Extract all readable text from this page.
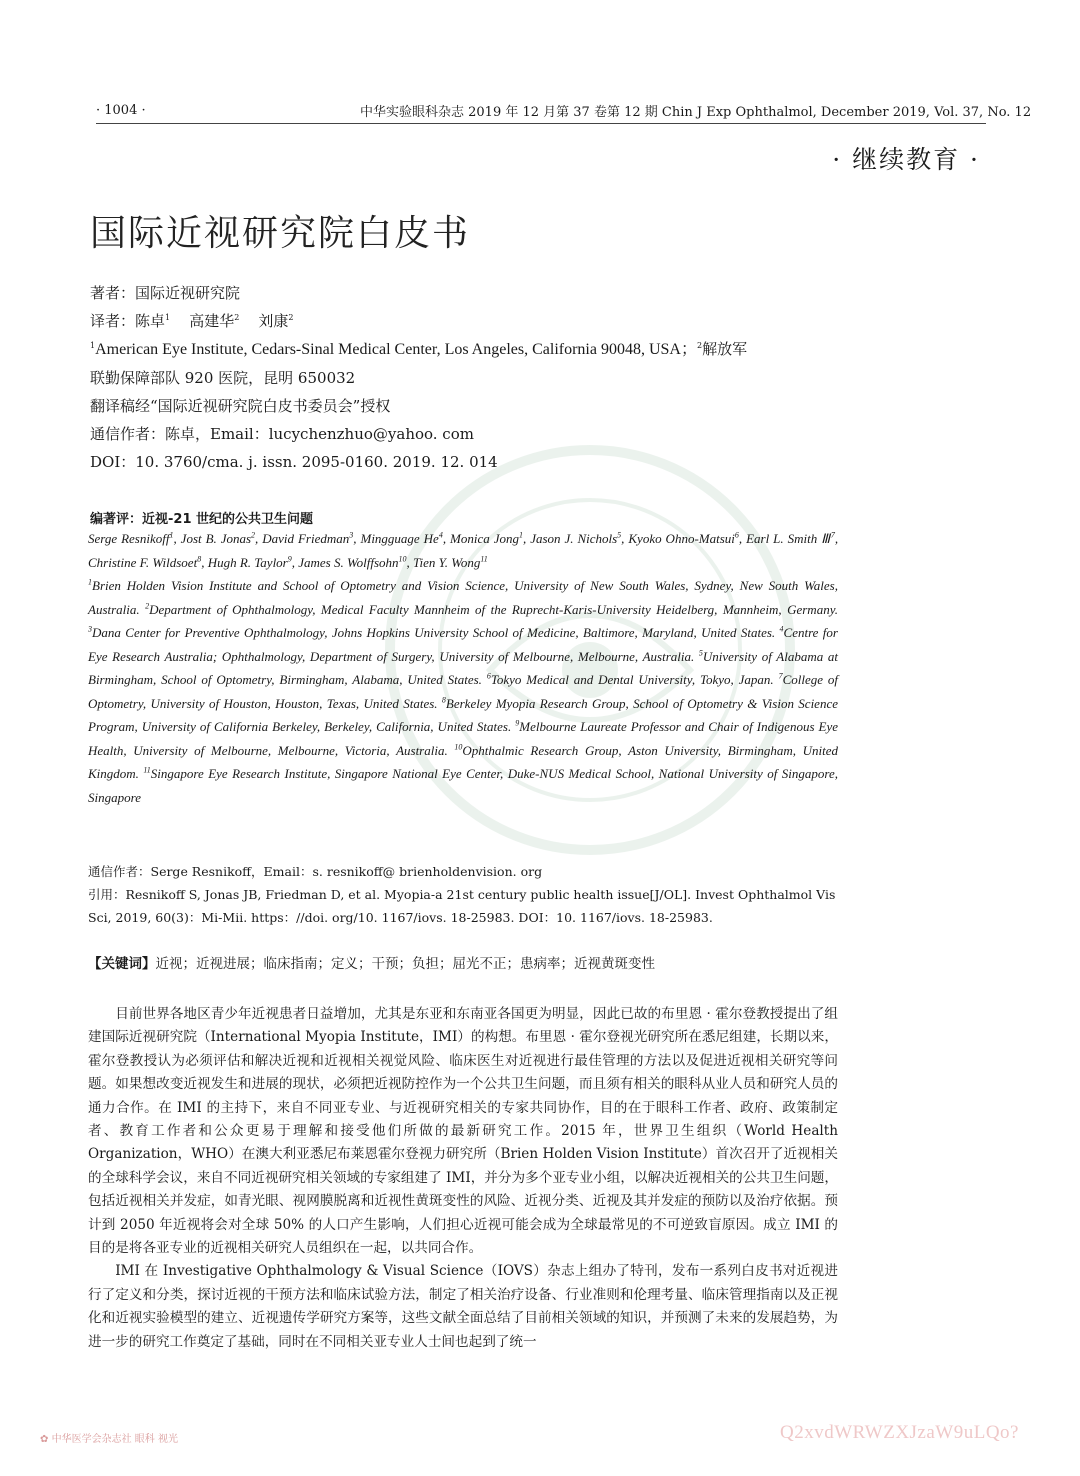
· 1004 ·	中华实验眼科杂志 2019 年 12 月第 37 卷第 12 期 Chin J Exp Ophthalmol, December 2019, Vol. 37, No. 12
· 继续教育 ·
国际近视研究院白皮书
著者：国际近视研究院
译者：陈卓$^1$ 高建华$^2$ 刘康$^2$
$^1$American Eye Institute, Cedars-Sinal Medical Center, Los Angeles, California 90048, USA；$^2$解放军
联勤保障部队 920 医院，昆明 650032
翻译稿经“国际近视研究院白皮书委员会”授权
通信作者：陈卓，Email：lucychenzhuo@yahoo. com
DOI：10. 3760/cma. j. issn. 2095-0160. 2019. 12. 014
编著评：近视-21 世纪的公共卫生问题
Serge Resnikoff$^1$, Jost B. Jonas$^2$, David Friedman$^3$, Mingguage He$^4$, Monica Jong$^1$, Jason J. Nichols$^5$, Kyoko Ohno-Matsui$^6$, Earl L. Smith Ⅲ$^7$, Christine F. Wildsoet$^8$, Hugh R. Taylor$^9$, James S. Wolffsohn$^{10}$, Tien Y. Wong$^{11}$
$^1$Brien Holden Vision Institute and School of Optometry and Vision Science, University of New South Wales, Sydney, New South Wales, Australia. $^2$Department of Ophthalmology, Medical Faculty Mannheim of the Ruprecht-Karis-University Heidelberg, Mannheim, Germany. $^3$Dana Center for Preventive Ophthalmology, Johns Hopkins University School of Medicine, Baltimore, Maryland, United States. $^4$Centre for Eye Research Australia; Ophthalmology, Department of Surgery, University of Melbourne, Melbourne, Australia. $^5$University of Alabama at Birmingham, School of Optometry, Birmingham, Alabama, United States. $^6$Tokyo Medical and Dental University, Tokyo, Japan. $^7$College of Optometry, University of Houston, Houston, Texas, United States. $^8$Berkeley Myopia Research Group, School of Optometry & Vision Science Program, University of California Berkeley, Berkeley, California, United States. $^9$Melbourne Laureate Professor and Chair of Indigenous Eye Health, University of Melbourne, Melbourne, Victoria, Australia. $^{10}$Ophthalmic Research Group, Aston University, Birmingham, United Kingdom. $^{11}$Singapore Eye Research Institute, Singapore National Eye Center, Duke-NUS Medical School, National University of Singapore, Singapore
通信作者：Serge Resnikoff，Email：s. resnikoff@ brienholdenvision. org
引用：Resnikoff S, Jonas JB, Friedman D, et al. Myopia-a 21st century public health issue[J/OL]. Invest Ophthalmol Vis Sci, 2019, 60(3)：Mi-Mii. https：//doi. org/10. 1167/iovs. 18-25983. DOI：10. 1167/iovs. 18-25983.
【关键词】近视；近视进展；临床指南；定义；干预；负担；屈光不正；患病率；近视黄斑变性

目前世界各地区青少年近视患者日益增加，尤其是东亚和东南亚各国更为明显，因此已故的布里恩 · 霍尔登教授提出了组建国际近视研究院（International Myopia Institute，IMI）的构想。布里恩 · 霍尔登视光研究所在悉尼组建，长期以来，霍尔登教授认为必须评估和解决近视和近视相关视觉风险、临床医生对近视进行最佳管理的方法以及促进近视相关研究等问题。如果想改变近视发生和进展的现状，必须把近视防控作为一个公共卫生问题，而且须有相关的眼科从业人员和研究人员的通力合作。在 IMI 的主持下，来自不同亚专业、与近视研究相关的专家共同协作，目的在于眼科工作者、政府、政策制定者、教育工作者和公众更易于理解和接受他们所做的最新研究工作。2015 年，世界卫生组织（World Health Organization，WHO）在澳大利亚悉尼布莱恩霍尔登视力研究所（Brien Holden Vision Institute）首次召开了近视相关的全球科学会议，来自不同近视研究相关领域的专家组建了 IMI，并分为多个亚专业小组，以解决近视相关的公共卫生问题，包括近视相关并发症，如青光眼、视网膜脱离和近视性黄斑变性的风险、近视分类、近视及其并发症的预防以及治疗依据。预计到 2050 年近视将会对全球 50% 的人口产生影响，人们担心近视可能会成为全球最常见的不可逆致盲原因。成立 IMI 的目的是将各亚专业的近视相关研究人员组织在一起，以共同合作。

IMI 在 Investigative Ophthalmology & Visual Science（IOVS）杂志上组办了特刊，发布一系列白皮书对近视进行了定义和分类，探讨近视的干预方法和临床试验方法，制定了相关治疗设备、行业准则和伦理考量、临床管理指南以及正视化和近视实验模型的建立、近视遗传学研究方案等，这些文献全面总结了目前相关领域的知识，并预测了未来的发展趋势，为进一步的研究工作奠定了基础，同时在不同相关亚专业人士间也起到了统一

✿ 中华医学会杂志社 眼科 视光	Q2xvdWRWZXJzaW9uLQo?
